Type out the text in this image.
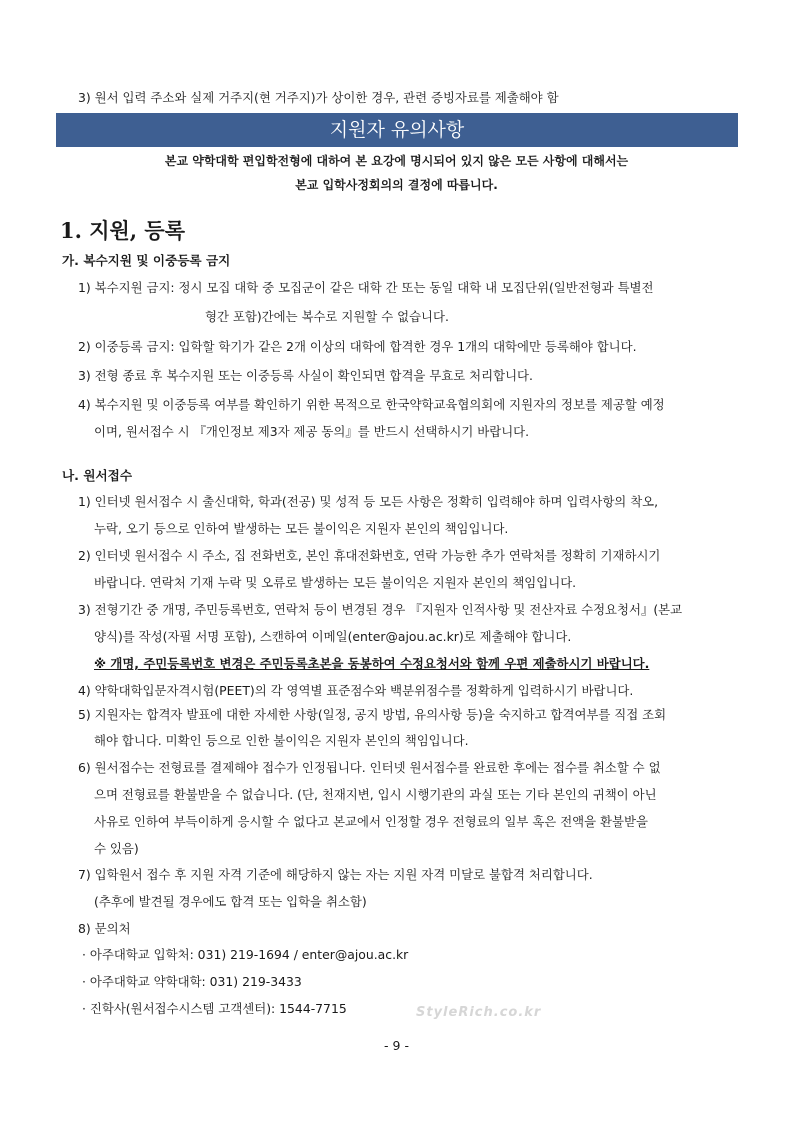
3) 원서 입력 주소와 실제 거주지(현 거주지)가 상이한 경우, 관련 증빙자료를 제출해야 함
지원자 유의사항
본교 약학대학 편입학전형에 대하여 본 요강에 명시되어 있지 않은 모든 사항에 대해서는
본교 입학사정회의의 결정에 따릅니다.
1. 지원, 등록
가. 복수지원 및 이중등록 금지
1) 복수지원 금지: 정시 모집 대학 중 모집군이 같은 대학 간 또는 동일 대학 내 모집단위(일반전형과 특별전
형간 포함)간에는 복수로 지원할 수 없습니다.
2) 이중등록 금지: 입학할 학기가 같은 2개 이상의 대학에 합격한 경우 1개의 대학에만 등록해야 합니다.
3) 전형 종료 후 복수지원 또는 이중등록 사실이 확인되면 합격을 무효로 처리합니다.
4) 복수지원 및 이중등록 여부를 확인하기 위한 목적으로 한국약학교육협의회에 지원자의 정보를 제공할 예정
이며, 원서접수 시 『개인정보 제3자 제공 동의』를 반드시 선택하시기 바랍니다.
나. 원서접수
1) 인터넷 원서접수 시 출신대학, 학과(전공) 및 성적 등 모든 사항은 정확히 입력해야 하며 입력사항의 착오,
누락, 오기 등으로 인하여 발생하는 모든 불이익은 지원자 본인의 책임입니다.
2) 인터넷 원서접수 시 주소, 집 전화번호, 본인 휴대전화번호, 연락 가능한 추가 연락처를 정확히 기재하시기
바랍니다. 연락처 기재 누락 및 오류로 발생하는 모든 불이익은 지원자 본인의 책임입니다.
3) 전형기간 중 개명, 주민등록번호, 연락처 등이 변경된 경우 『지원자 인적사항 및 전산자료 수정요청서』(본교
양식)를 작성(자필 서명 포함), 스캔하여 이메일(enter@ajou.ac.kr)로 제출해야 합니다.
※ 개명, 주민등록번호 변경은 주민등록초본을 동봉하여 수정요청서와 함께 우편 제출하시기 바랍니다.
4) 약학대학입문자격시험(PEET)의 각 영역별 표준점수와 백분위점수를 정확하게 입력하시기 바랍니다.
5) 지원자는 합격자 발표에 대한 자세한 사항(일정, 공지 방법, 유의사항 등)을 숙지하고 합격여부를 직접 조회
해야 합니다. 미확인 등으로 인한 불이익은 지원자 본인의 책임입니다.
6) 원서접수는 전형료를 결제해야 접수가 인정됩니다. 인터넷 원서접수를 완료한 후에는 접수를 취소할 수 없
으며 전형료를 환불받을 수 없습니다. (단, 천재지변, 입시 시행기관의 과실 또는 기타 본인의 귀책이 아닌
사유로 인하여 부득이하게 응시할 수 없다고 본교에서 인정할 경우 전형료의 일부 혹은 전액을 환불받을
수 있음)
7) 입학원서 접수 후 지원 자격 기준에 해당하지 않는 자는 지원 자격 미달로 불합격 처리합니다.
(추후에 발견될 경우에도 합격 또는 입학을 취소함)
8) 문의처
· 아주대학교 입학처: 031) 219-1694 / enter@ajou.ac.kr
· 아주대학교 약학대학: 031) 219-3433
· 진학사(원서접수시스템 고객센터): 1544-7715	StyleRich.co.kr
- 9 -
